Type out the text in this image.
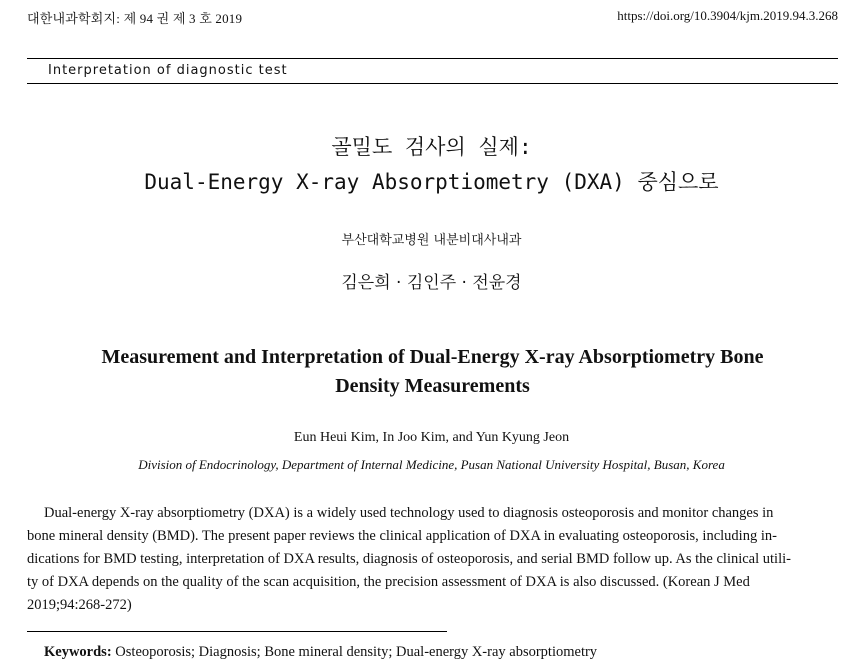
대한내과학회지: 제 94 권 제 3 호 2019	https://doi.org/10.3904/kjm.2019.94.3.268
Interpretation of diagnostic test
골밀도 검사의 실제:
Dual-Energy X-ray Absorptiometry (DXA) 중심으로
부산대학교병원 내분비대사내과
김은희 · 김인주 · 전윤경
Measurement and Interpretation of Dual-Energy X-ray Absorptiometry Bone
Density Measurements
Eun Heui Kim, In Joo Kim, and Yun Kyung Jeon
Division of Endocrinology, Department of Internal Medicine, Pusan National University Hospital, Busan, Korea
Dual-energy X-ray absorptiometry (DXA) is a widely used technology used to diagnosis osteoporosis and monitor changes in
bone mineral density (BMD). The present paper reviews the clinical application of DXA in evaluating osteoporosis, including in-
dications for BMD testing, interpretation of DXA results, diagnosis of osteoporosis, and serial BMD follow up. As the clinical utili-
ty of DXA depends on the quality of the scan acquisition, the precision assessment of DXA is also discussed. (Korean J Med
2019;94:268-272)
Keywords: Osteoporosis; Diagnosis; Bone mineral density; Dual-energy X-ray absorptiometry
